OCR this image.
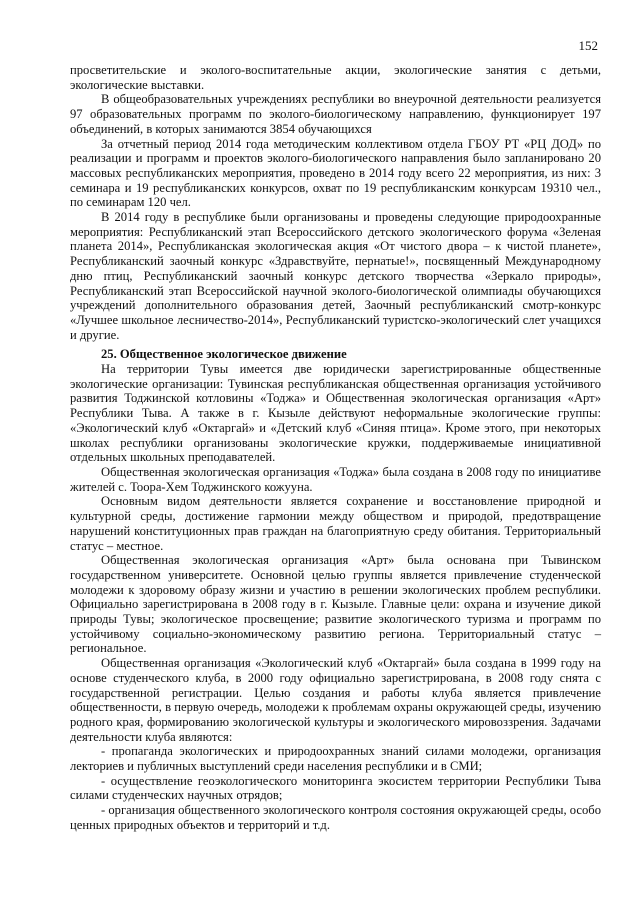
152

просветительские и эколого-воспитательные акции, экологические занятия с детьми, экологические выставки.

В общеобразовательных учреждениях республики во внеурочной деятельности реализуется 97 образовательных программ по эколого-биологическому направлению, функционирует 197 объединений, в которых занимаются 3854 обучающихся

За отчетный период 2014 года методическим коллективом отдела ГБОУ РТ «РЦ ДОД» по реализации и программ и проектов эколого-биологического направления было запланировано 20 массовых республиканских мероприятия, проведено в 2014 году всего 22 мероприятия, из них: 3 семинара и 19 республиканских конкурсов, охват по 19 республиканским конкурсам 19310 чел., по семинарам 120 чел.

В 2014 году в республике были организованы и проведены следующие природоохранные мероприятия: Республиканский этап Всероссийского детского экологического форума «Зеленая планета 2014», Республиканская экологическая акция «От чистого двора – к чистой планете», Республиканский заочный конкурс «Здравствуйте, пернатые!», посвященный Международному дню птиц, Республиканский заочный конкурс детского творчества «Зеркало природы», Республиканский этап Всероссийской научной эколого-биологической олимпиады обучающихся учреждений дополнительного образования детей, Заочный республиканский смотр-конкурс «Лучшее школьное лесничество-2014», Республиканский туристско-экологический слет учащихся и другие.

25. Общественное экологическое движение

На территории Тувы имеется две юридически зарегистрированные общественные экологические организации: Тувинская республиканская общественная организация устойчивого развития Тоджинской котловины «Тоджа» и Общественная экологическая организация «Арт» Республики Тыва. А также в г. Кызыле действуют неформальные экологические группы: «Экологический клуб «Октаргай» и «Детский клуб «Синяя птица». Кроме этого, при некоторых школах республики организованы экологические кружки, поддерживаемые инициативной отдельных школьных преподавателей.

Общественная экологическая организация «Тоджа» была создана в 2008 году по инициативе жителей с. Тоора-Хем Тоджинского кожууна.

Основным видом деятельности является сохранение и восстановление природной и культурной среды, достижение гармонии между обществом и природой, предотвращение нарушений конституционных прав граждан на благоприятную среду обитания. Территориальный статус – местное.

Общественная экологическая организация «Арт» была основана при Тывинском государственном университете. Основной целью группы является привлечение студенческой молодежи к здоровому образу жизни и участию в решении экологических проблем республики. Официально зарегистрирована в 2008 году в г. Кызыле. Главные цели: охрана и изучение дикой природы Тувы; экологическое просвещение; развитие экологического туризма и программ по устойчивому социально-экономическому развитию региона. Территориальный статус – региональное.

Общественная организация «Экологический клуб «Октаргай» была создана в 1999 году на основе студенческого клуба, в 2000 году официально зарегистрирована, в 2008 году снята с государственной регистрации. Целью создания и работы клуба является привлечение общественности, в первую очередь, молодежи к проблемам охраны окружающей среды, изучению родного края, формированию экологической культуры и экологического мировоззрения. Задачами деятельности клуба являются:

- пропаганда экологических и природоохранных знаний силами молодежи, организация лекториев и публичных выступлений среди населения республики и в СМИ;

- осуществление геоэкологического мониторинга экосистем территории Республики Тыва силами студенческих научных отрядов;

- организация общественного экологического контроля состояния окружающей среды, особо ценных природных объектов и территорий и т.д.
